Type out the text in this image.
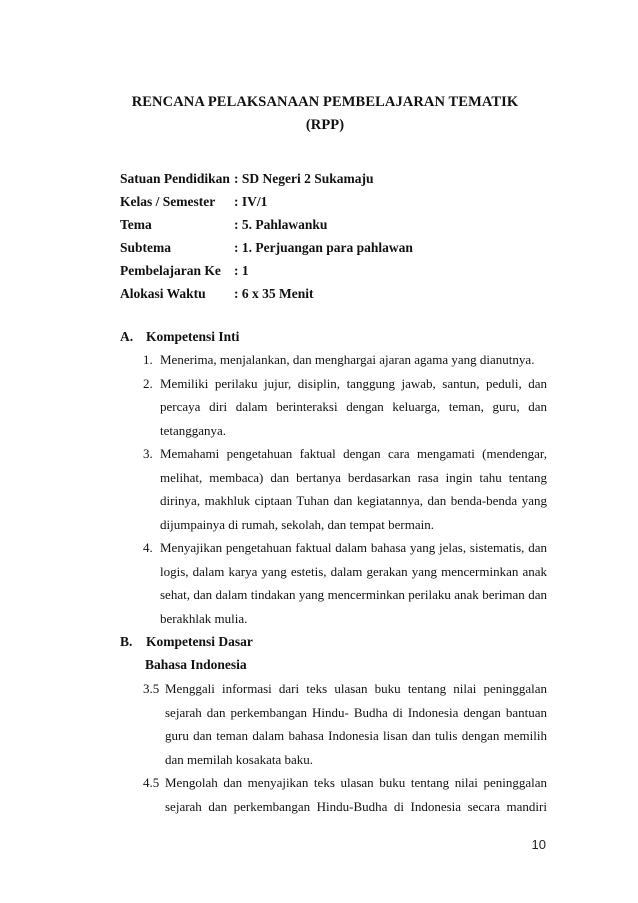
RENCANA PELAKSANAAN PEMBELAJARAN TEMATIK
(RPP)
Satuan Pendidikan : SD Negeri 2 Sukamaju
Kelas / Semester	: IV/1
Tema	: 5. Pahlawanku
Subtema	: 1. Perjuangan para pahlawan
Pembelajaran Ke : 1
Alokasi Waktu	: 6 x 35 Menit
A. Kompetensi Inti
1. Menerima, menjalankan, dan menghargai ajaran agama yang dianutnya.
2. Memiliki perilaku jujur, disiplin, tanggung jawab, santun, peduli, dan
percaya diri dalam berinteraksi dengan keluarga, teman, guru, dan
tetangganya.
3. Memahami pengetahuan faktual dengan cara mengamati (mendengar,
melihat, membaca) dan bertanya berdasarkan rasa ingin tahu tentang
dirinya, makhluk ciptaan Tuhan dan kegiatannya, dan benda-benda yang
dijumpainya di rumah, sekolah, dan tempat bermain.
4. Menyajikan pengetahuan faktual dalam bahasa yang jelas, sistematis, dan
logis, dalam karya yang estetis, dalam gerakan yang mencerminkan anak
sehat, dan dalam tindakan yang mencerminkan perilaku anak beriman dan
berakhlak mulia.
B. Kompetensi Dasar
Bahasa Indonesia
3.5 Menggali informasi dari teks ulasan buku tentang nilai peninggalan
sejarah dan perkembangan Hindu- Budha di Indonesia dengan bantuan
guru dan teman dalam bahasa Indonesia lisan dan tulis dengan memilih
dan memilah kosakata baku.
4.5 Mengolah dan menyajikan teks ulasan buku tentang nilai peninggalan
sejarah dan perkembangan Hindu-Budha di Indonesia secara mandiri
10
